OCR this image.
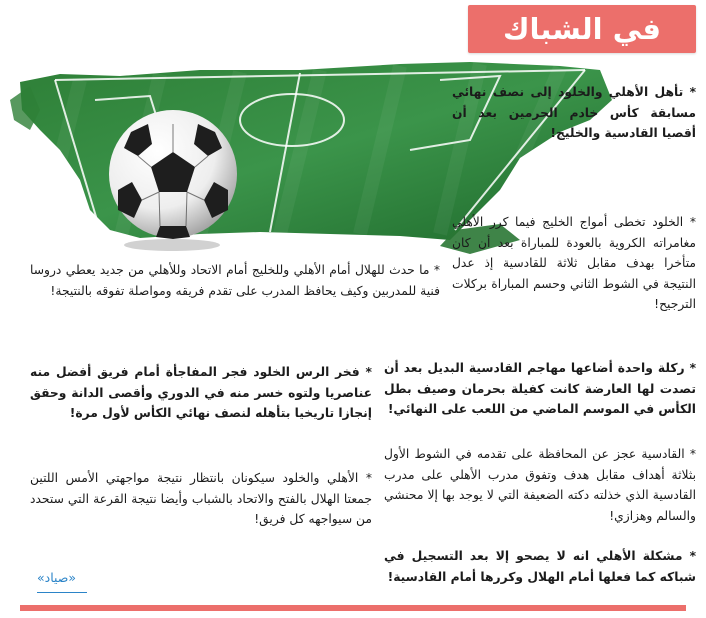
في الشباك
* تأهل الأهلي والخلود إلى نصف نهائي مسابقة كأس خادم الحرمين بعد أن أقصيا القادسية والخليج!
* الخلود تخطى أمواج الخليج فيما كرر الأهلي مغامراته الكروية بالعودة للمباراة بعد أن كان متأخرا بهدف مقابل ثلاثة للقادسية إذ عدل النتيجة في الشوط الثاني وحسم المباراة بركلات الترجيح!
* ما حدث للهلال أمام الأهلي وللخليج أمام الاتحاد وللأهلي من جديد يعطي دروسا فنية للمدربين وكيف يحافظ المدرب على تقدم فريقه ومواصلة تفوقه بالنتيجة!
* فخر الرس الخلود فجر المفاجأة أمام فريق أفضل منه عناصريا ولتوه خسر منه في الدوري وأقصى الدانة وحقق إنجازا تاريخيا بتأهله لنصف نهائي الكأس لأول مرة!
* ركلة واحدة أضاعها مهاجم القادسية البديل بعد أن تصدت لها العارضة كانت كفيلة بحرمان وصيف بطل الكأس في الموسم الماضي من اللعب على النهائي!
* الأهلي والخلود سيكونان بانتظار نتيجة مواجهتي الأمس اللتين جمعتا الهلال بالفتح والاتحاد بالشباب وأيضا نتيجة القرعة التي ستحدد من سيواجهه كل فريق!
* القادسية عجز عن المحافظة على تقدمه في الشوط الأول بثلاثة أهداف مقابل هدف وتفوق مدرب الأهلي على مدرب القادسية الذي خذلته دكته الضعيفة التي لا يوجد بها إلا محنشي والسالم وهزازي!
* مشكلة الأهلي انه لا يصحو إلا بعد التسجيل في شباكه كما فعلها أمام الهلال وكررها أمام القادسية!
«صياد»
